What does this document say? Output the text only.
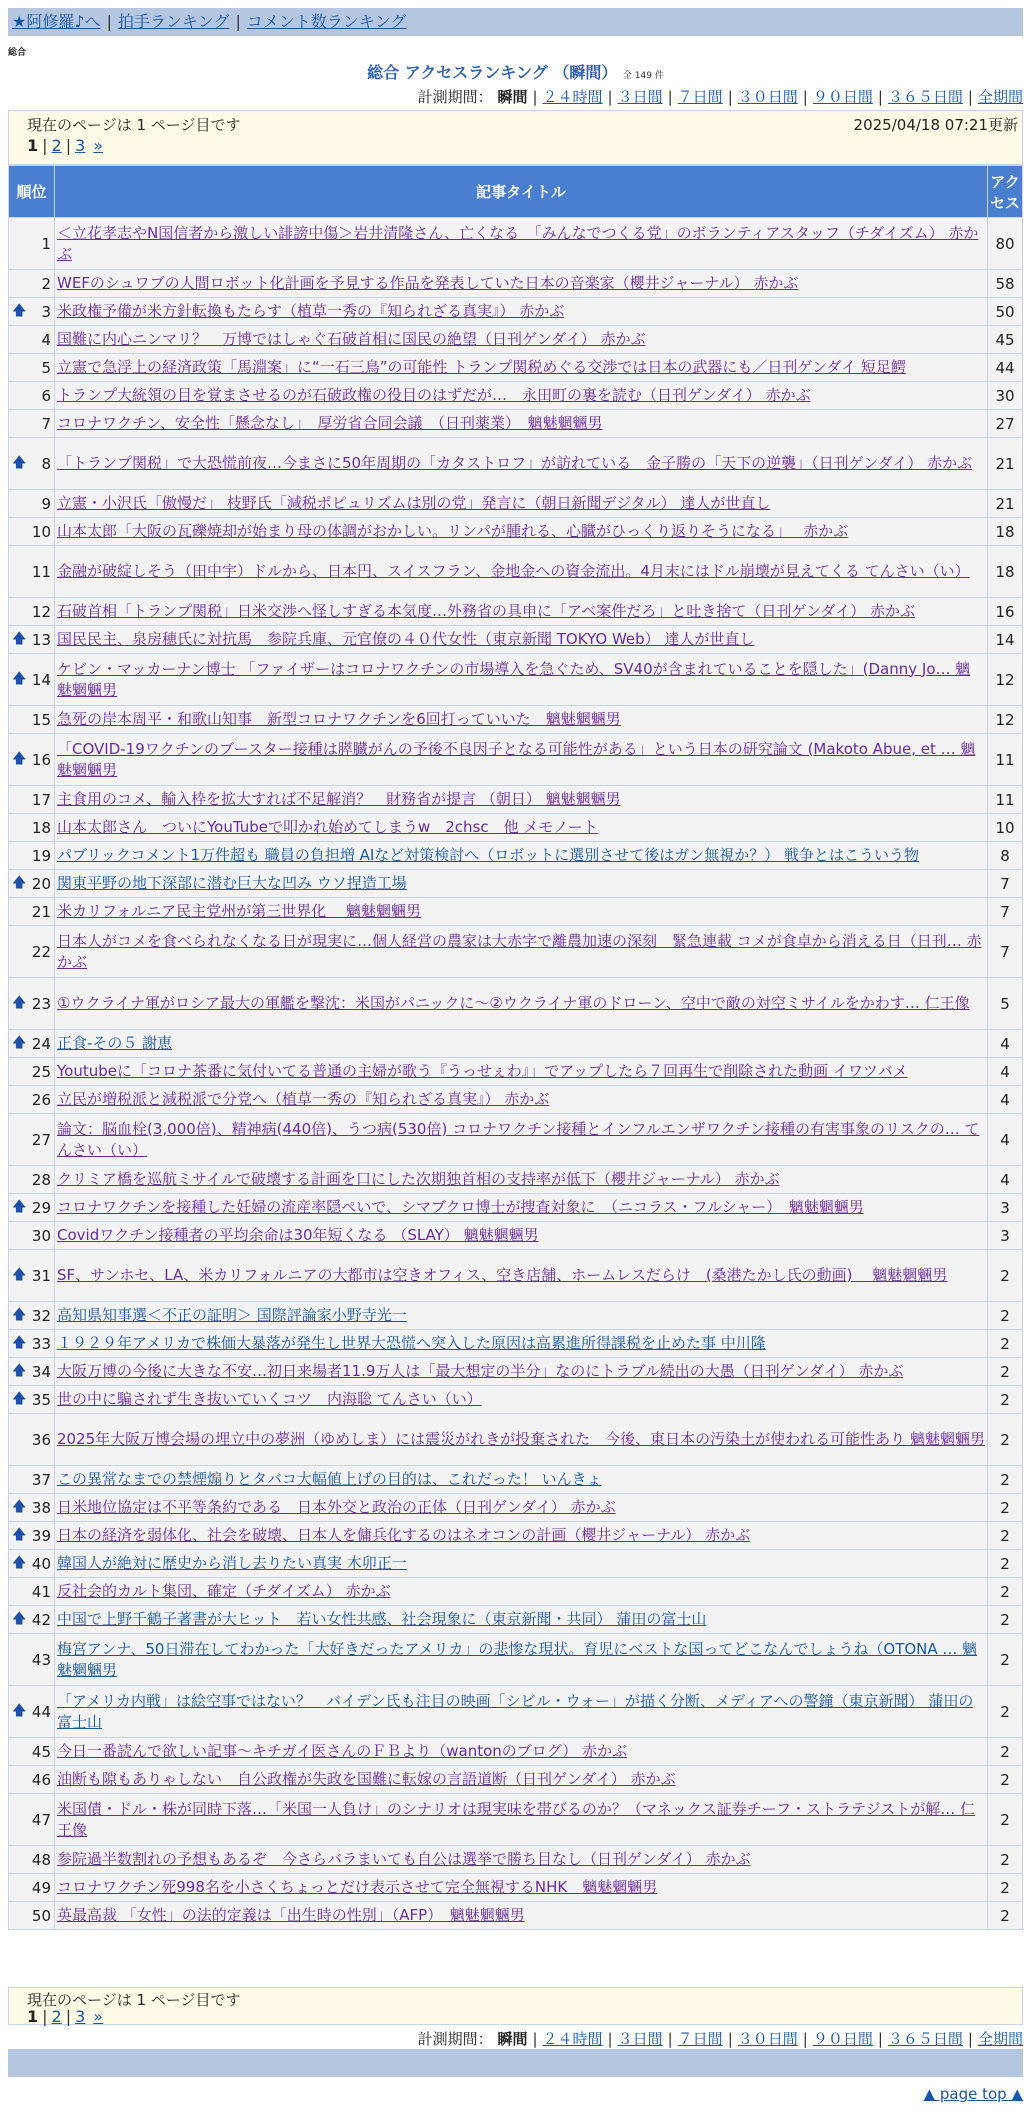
★阿修羅♪へ | 拍手ランキング | コメント数ランキング
総合
総合 アクセスランキング （瞬間） 全 149 件
計測期間： 瞬間 | ２４時間 | ３日間 | ７日間 | ３０日間 | ９０日間 | ３６５日間 | 全期間
現在のページは 1 ページ目です	2025/04/18 07:21更新
1 | 2 | 3 »
順位	記事タイトル	アクセス
1	＜立花孝志やN国信者から激しい誹謗中傷＞岩井清隆さん、亡くなる　「みんなでつくる党」のボランティアスタッフ（チダイズム） 赤かぶ	80
2	WEFのシュワブの人間ロボット化計画を予見する作品を発表していた日本の音楽家（櫻井ジャーナル） 赤かぶ	58

🡅 3	米政権予備が米方針転換もたらす（植草一秀の『知られざる真実』） 赤かぶ	50
4	国難に内心ニンマリ？　万博ではしゃぐ石破首相に国民の絶望（日刊ゲンダイ） 赤かぶ	45
5	立憲で急浮上の経済政策「馬淵案」に“一石三鳥”の可能性 トランプ関税めぐる交渉では日本の武器にも／日刊ゲンダイ 短足鰐	44
6	トランプ大統領の目を覚まさせるのが石破政権の役目のはずだが…　永田町の裏を読む（日刊ゲンダイ） 赤かぶ	30
7	コロナワクチン、安全性「懸念なし」　厚労省合同会議　（日刊薬業）　魑魅魍魎男	27

🡅 8	「トランプ関税」で大恐慌前夜…今まさに50年周期の「カタストロフ」が訪れている　金子勝の「天下の逆襲」（日刊ゲンダイ） 赤かぶ	21
9	立憲・小沢氏「傲慢だ」 枝野氏「減税ポピュリズムは別の党」発言に（朝日新聞デジタル） 達人が世直し	21
10	山本太郎「大阪の瓦礫焼却が始まり母の体調がおかしい。リンパが腫れる、心臓がひっくり返りそうになる」　 赤かぶ	18
11	金融が破綻しそう（田中宇）ドルから、日本円、スイスフラン、金地金への資金流出。4月末にはドル崩壊が見えてくる てんさい（い）	18
12	石破首相「トランプ関税」日米交渉へ怪しすぎる本気度…外務省の具申に「アベ案件だろ」と吐き捨て（日刊ゲンダイ） 赤かぶ	16

🡅 13	国民民主、泉房穂氏に対抗馬　参院兵庫、元官僚の４０代女性（東京新聞 TOKYO Web） 達人が世直し	14

🡅 14	ケビン・マッカーナン博士 「ファイザーはコロナワクチンの市場導入を急ぐため、SV40が含まれていることを隠した」(Danny Jo… 魑魅魍魎男	12
15	急死の岸本周平・和歌山知事　新型コロナワクチンを6回打っていいた　魑魅魍魎男	12

🡅 16	「COVID-19ワクチンのブースター接種は膵臓がんの予後不良因子となる可能性がある」という日本の研究論文 (Makoto Abue, et … 魑魅魍魎男	11
17	主食用のコメ、輸入枠を拡大すれば不足解消？　財務省が提言 （朝日） 魑魅魍魎男	11
18	山本太郎さん　ついにYouTubeで叩かれ始めてしまうw　2chsc　他 メモノート	10
19	パブリックコメント1万件超も 職員の負担増 AIなど対策検討へ（ロボットに選別させて後はガン無視か？） 戦争とはこういう物	8

🡅 20	関東平野の地下深部に潜む巨大な凹み ウソ捏造工場	7
21	米カリフォルニア民主党州が第三世界化　 魑魅魍魎男	7
22	日本人がコメを食べられなくなる日が現実に…個人経営の農家は大赤字で離農加速の深刻　緊急連載 コメが食卓から消える日（日刊… 赤かぶ	7

🡅 23	①ウクライナ軍がロシア最大の軍艦を撃沈：米国がパニックに〜②ウクライナ軍のドローン、空中で敵の対空ミサイルをかわす… 仁王像	5

🡅 24	正食-その５ 謝恵	4
25	Youtubeに「コロナ茶番に気付いてる普通の主婦が歌う『うっせぇわ』」でアップしたら７回再生で削除された動画 イワツバメ	4
26	立民が増税派と減税派で分党へ（植草一秀の『知られざる真実』） 赤かぶ	4
27	論文：脳血栓(3,000倍)、精神病(440倍)、うつ病(530倍) コロナワクチン接種とインフルエンザワクチン接種の有害事象のリスクの… てんさい（い）	4
28	クリミア橋を巡航ミサイルで破壊する計画を口にした次期独首相の支持率が低下（櫻井ジャーナル） 赤かぶ	4

🡅 29	コロナワクチンを接種した妊婦の流産率隠ぺいで、シマブクロ博士が捜査対象に　（ニコラス・フルシャー）　魑魅魍魎男	3
30	Covidワクチン接種者の平均余命は30年短くなる （SLAY） 魑魅魍魎男	3

🡅 31	SF、サンホセ、LA、米カリフォルニアの大都市は空きオフィス、空き店舗、ホームレスだらけ　(桑港たかし氏の動画)　 魑魅魍魎男	2

🡅 32	高知県知事選＜不正の証明＞ 国際評論家小野寺光一	2

🡅 33	１９２９年アメリカで株価大暴落が発生し世界大恐慌へ突入した原因は高累進所得課税を止めた事 中川隆	2

🡅 34	大阪万博の今後に大きな不安…初日来場者11.9万人は「最大想定の半分」なのにトラブル続出の大愚（日刊ゲンダイ） 赤かぶ	2

🡅 35	世の中に騙されず生き抜いていくコツ　内海聡 てんさい（い）	2
36	2025年大阪万博会場の埋立中の夢洲（ゆめしま）には震災がれきが投棄された　今後、東日本の汚染土が使われる可能性あり 魑魅魍魎男	2
37	この異常なまでの禁煙煽りとタバコ大幅値上げの目的は、これだった！ いんきょ	2

🡅 38	日米地位協定は不平等条約である　日本外交と政治の正体（日刊ゲンダイ） 赤かぶ	2

🡅 39	日本の経済を弱体化、社会を破壊、日本人を傭兵化するのはネオコンの計画（櫻井ジャーナル） 赤かぶ	2

🡅 40	韓国人が絶対に歴史から消し去りたい真実 木卯正一	2
41	反社会的カルト集団、確定（チダイズム） 赤かぶ	2

🡅 42	中国で上野千鶴子著書が大ヒット　若い女性共感、社会現象に（東京新聞・共同） 蒲田の富士山	2
43	梅宮アンナ、50日滞在してわかった「大好きだったアメリカ」の悲惨な現状。育児にベストな国ってどこなんでしょうね（OTONA … 魑魅魍魎男	2

🡅 44	「アメリカ内戦」は絵空事ではない？　バイデン氏も注目の映画「シビル・ウォー」が描く分断、メディアへの警鐘（東京新聞） 蒲田の富士山	2
45	今日一番読んで欲しい記事〜キチガイ医さんのＦＢより（wantonのブログ） 赤かぶ	2
46	油断も隙もありゃしない　自公政権が失政を国難に転嫁の言語道断（日刊ゲンダイ） 赤かぶ	2
47	米国債・ドル・株が同時下落…「米国一人負け」のシナリオは現実味を帯びるのか？（マネックス証券チーフ・ストラテジストが解… 仁王像	2
48	参院過半数割れの予想もあるぞ　今さらバラまいても自公は選挙で勝ち目なし（日刊ゲンダイ） 赤かぶ	2
49	コロナワクチン死998名を小さくちょっとだけ表示させて完全無視するNHK　魑魅魍魎男	2
50	英最高裁 「女性」の法的定義は「出生時の性別」（AFP）　魑魅魍魎男	2
現在のページは 1 ページ目です
1 | 2 | 3 »
計測期間： 瞬間 | ２４時間 | ３日間 | ７日間 | ３０日間 | ９０日間 | ３６５日間 | 全期間
▲ page top ▲
